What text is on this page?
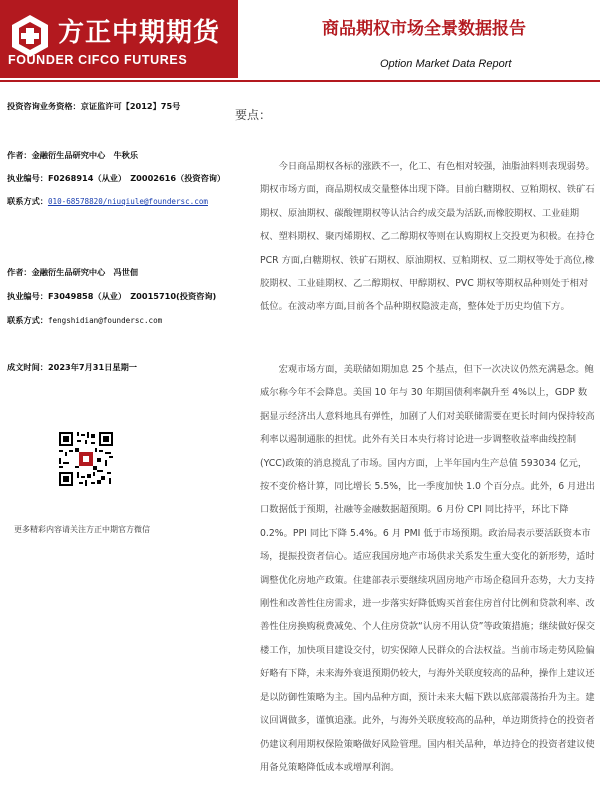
方正中期期货
FOUNDER CIFCO FUTURES
商品期权市场全景数据报告
Option Market Data Report
投资咨询业务资格：京证监许可【2012】75号
作者：金融衍生品研究中心　牛秋乐
执业编号：F0268914（从业）　Z0002616（投资咨询）
联系方式：010-68578820/niuqiule@foundersc.com
作者：金融衍生品研究中心　冯世佃
执业编号：F3049858（从业）　Z0015710(投资咨询)
联系方式：fengshidian@foundersc.com
成文时间：2023年7月31日星期一
更多精彩内容请关注方正中期官方微信
要点：

　　今日商品期权各标的涨跌不一，化工、有色相对较强，油脂油料则表现弱势。期权市场方面，商品期权成交量整体出现下降。目前白糖期权、豆粕期权、铁矿石期权、原油期权、碳酸锂期权等认沽合约成交最为活跃,而橡胶期权、工业硅期权、塑料期权、聚丙烯期权、乙二醇期权等则在认购期权上交投更为积极。在持仓 PCR 方面,白糖期权、铁矿石期权、原油期权、豆粕期权、豆二期权等处于高位,橡胶期权、工业硅期权、乙二醇期权、甲醇期权、PVC 期权等期权品种则处于相对低位。在波动率方面,目前各个品种期权隐波走高，整体处于历史均值下方。

　　宏观市场方面，美联储如期加息 25 个基点，但下一次决议仍然充满悬念。鲍威尔称今年不会降息。美国 10 年与 30 年期国债利率飙升至 4%以上，GDP 数据显示经济出人意料地具有弹性，加剧了人们对美联储需要在更长时间内保持较高利率以遏制通胀的担忧。此外有关日本央行将讨论进一步调整收益率曲线控制(YCC)政策的消息搅乱了市场。国内方面，上半年国内生产总值 593034 亿元，按不变价格计算，同比增长 5.5%，比一季度加快 1.0 个百分点。此外，6 月进出口数据低于预期，社融等金融数据超预期。6 月份 CPI 同比持平，环比下降 0.2%。PPI 同比下降 5.4%。6 月 PMI 低于市场预期。政治局表示要活跃资本市场，提振投资者信心。适应我国房地产市场供求关系发生重大变化的新形势，适时调整优化房地产政策。住建部表示要继续巩固房地产市场企稳回升态势，大力支持刚性和改善性住房需求，进一步落实好降低购买首套住房首付比例和贷款利率、改善性住房换购税费减免、个人住房贷款“认房不用认贷”等政策措施；继续做好保交楼工作，加快项目建设交付，切实保障人民群众的合法权益。当前市场走势风险偏好略有下降，未来海外衰退预期仍较大，与海外关联度较高的品种，操作上建议还是以防御性策略为主。国内品种方面，预计未来大幅下跌以底部震荡抬升为主。建议回调做多，谨慎追涨。此外，与海外关联度较高的品种，单边期货持仓的投资者仍建议利用期权保险策略做好风险管理。国内相关品种，单边持仓的投资者建议使用备兑策略降低成本或增厚利润。
